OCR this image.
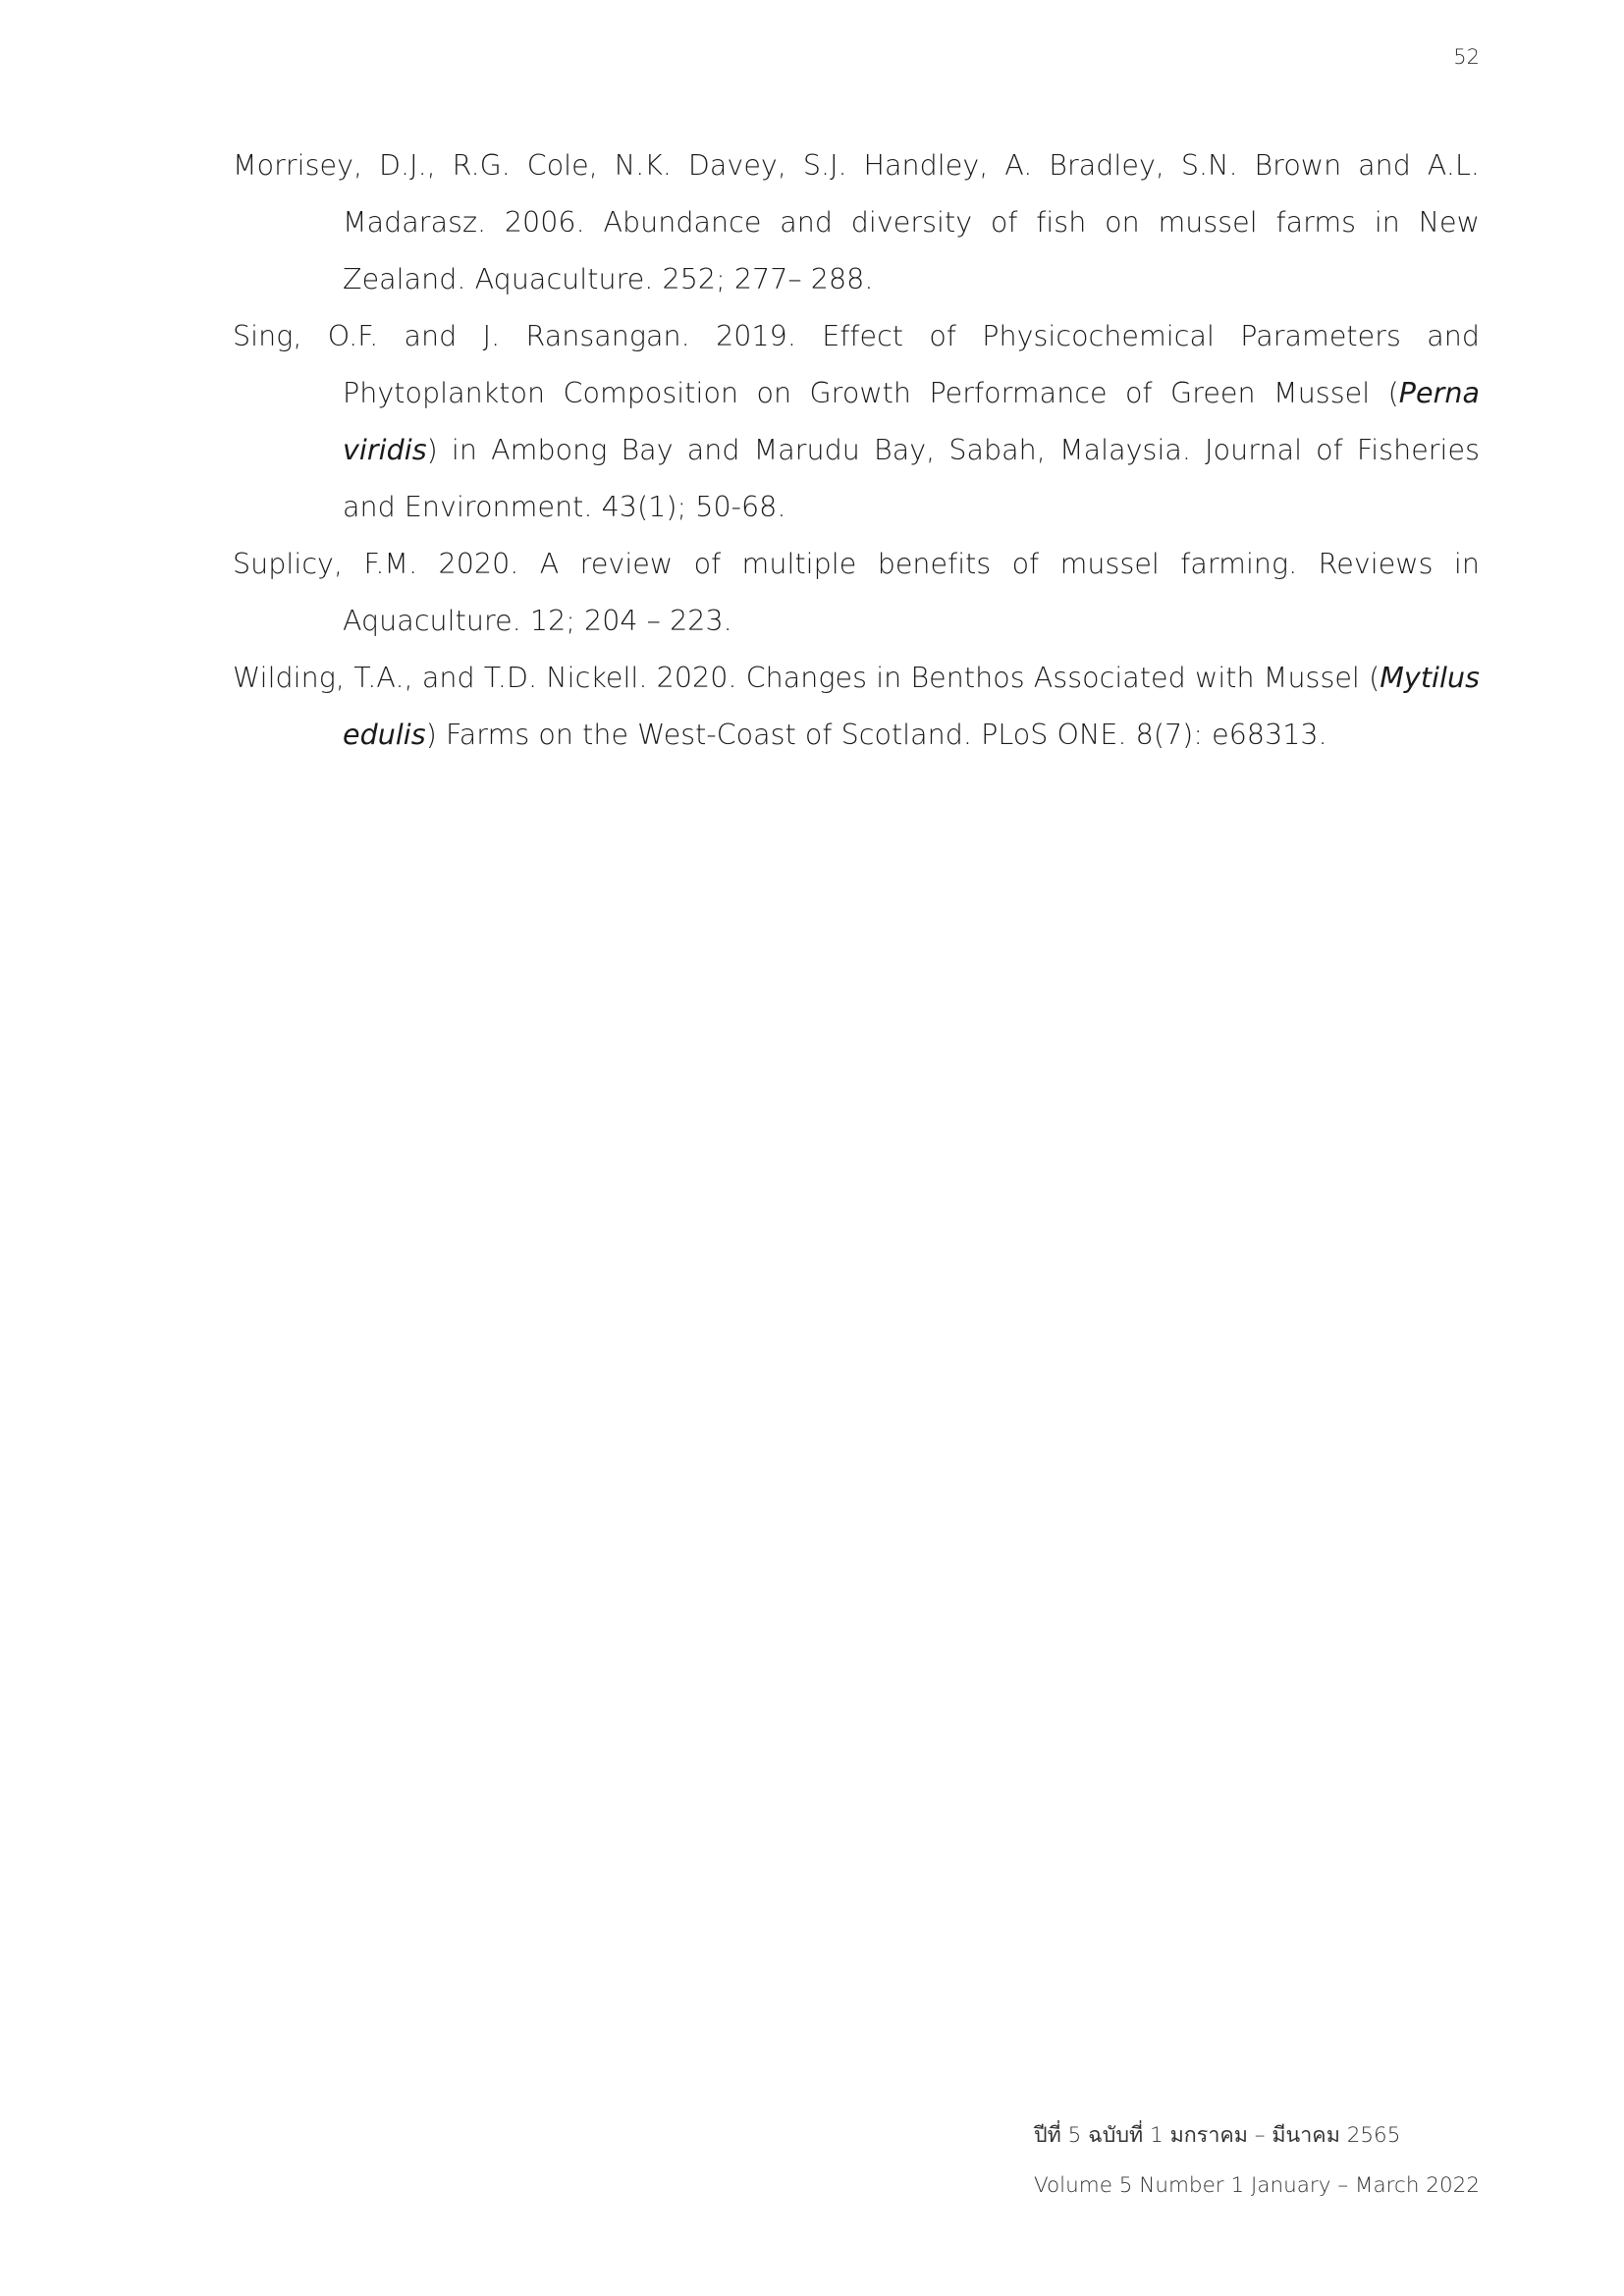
52
Morrisey, D.J., R.G. Cole, N.K. Davey, S.J. Handley, A. Bradley, S.N. Brown and A.L. Madarasz. 2006. Abundance and diversity of fish on mussel farms in New Zealand. Aquaculture. 252; 277– 288.
Sing, O.F. and J. Ransangan. 2019. Effect of Physicochemical Parameters and Phytoplankton Composition on Growth Performance of Green Mussel (Perna viridis) in Ambong Bay and Marudu Bay, Sabah, Malaysia. Journal of Fisheries and Environment. 43(1); 50-68.
Suplicy, F.M. 2020. A review of multiple benefits of mussel farming. Reviews in Aquaculture. 12; 204 – 223.
Wilding, T.A., and T.D. Nickell. 2020. Changes in Benthos Associated with Mussel (Mytilus edulis) Farms on the West-Coast of Scotland. PLoS ONE. 8(7): e68313.
ปีที่ 5 ฉบับที่ 1 มกราคม – มีนาคม 2565
Volume 5 Number 1 January – March 2022
